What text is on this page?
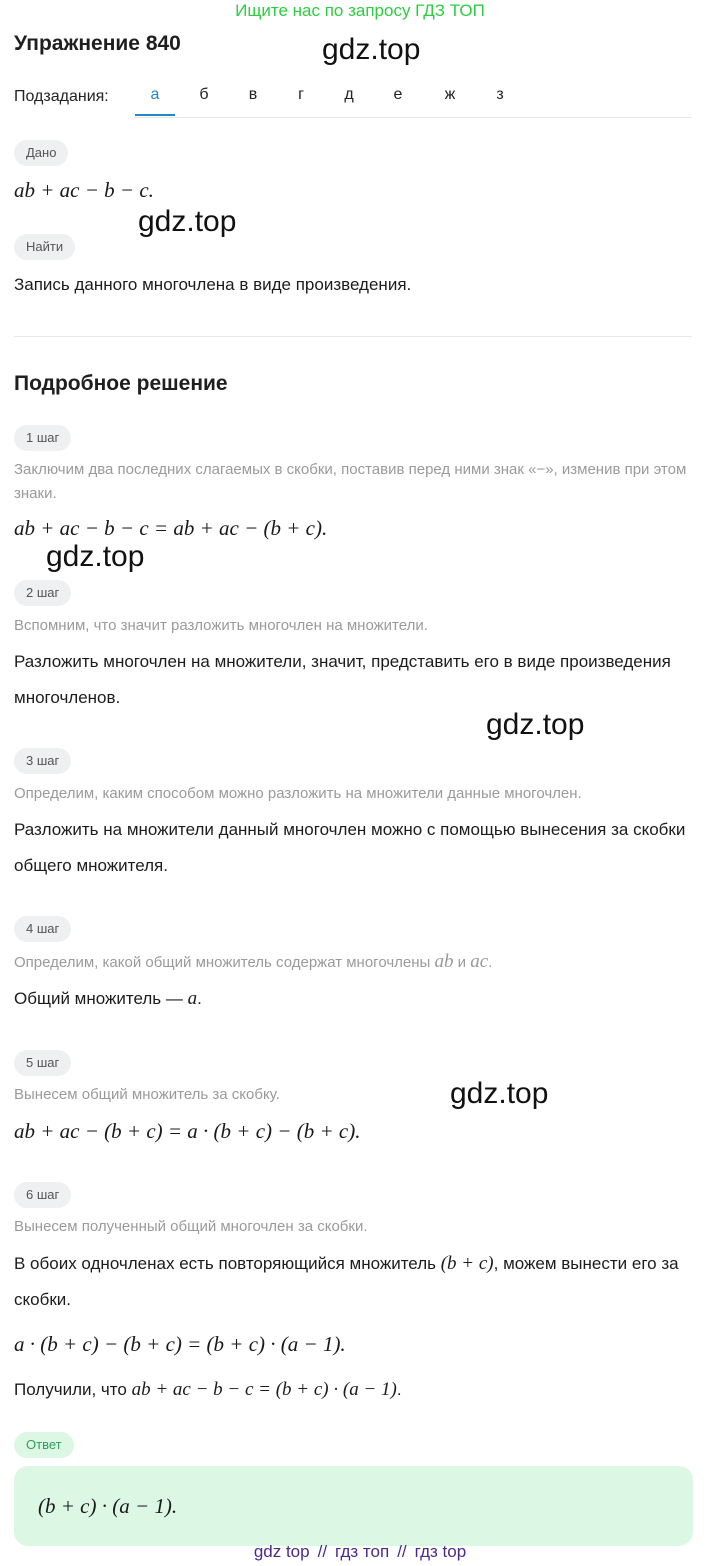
Ищите нас по запросу ГДЗ ТОП
Упражнение 840	gdz.top
gdz.top
gdz.top
gdz.top
gdz.top
Подзадания:	а	б	в	г	д	е	ж	з
Дано
ab + ac − b − c.
Найти
Запись данного многочлена в виде произведения.
Подробное решение
1 шаг
Заключим два последних слагаемых в скобки, поставив перед ними знак «−», изменив при этом знаки.
ab + ac − b − c = ab + ac − (b + c).
2 шаг
Вспомним, что значит разложить многочлен на множители.
Разложить многочлен на множители, значит, представить его в виде произведения многочленов.
3 шаг
Определим, каким способом можно разложить на множители данные многочлен.
Разложить на множители данный многочлен можно с помощью вынесения за скобки общего множителя.
4 шаг
Определим, какой общий множитель содержат многочлены ab и ac.
Общий множитель — a.
5 шаг
Вынесем общий множитель за скобку.
ab + ac − (b + c) = a · (b + c) − (b + c).
6 шаг
Вынесем полученный общий многочлен за скобки.
В обоих одночленах есть повторяющийся множитель (b + c), можем вынести его за скобки.
a · (b + c) − (b + c) = (b + c) · (a − 1).
Получили, что ab + ac − b − c = (b + c) · (a − 1).
Ответ
(b + c) · (a − 1).
gdz top // гдз топ // гдз top
